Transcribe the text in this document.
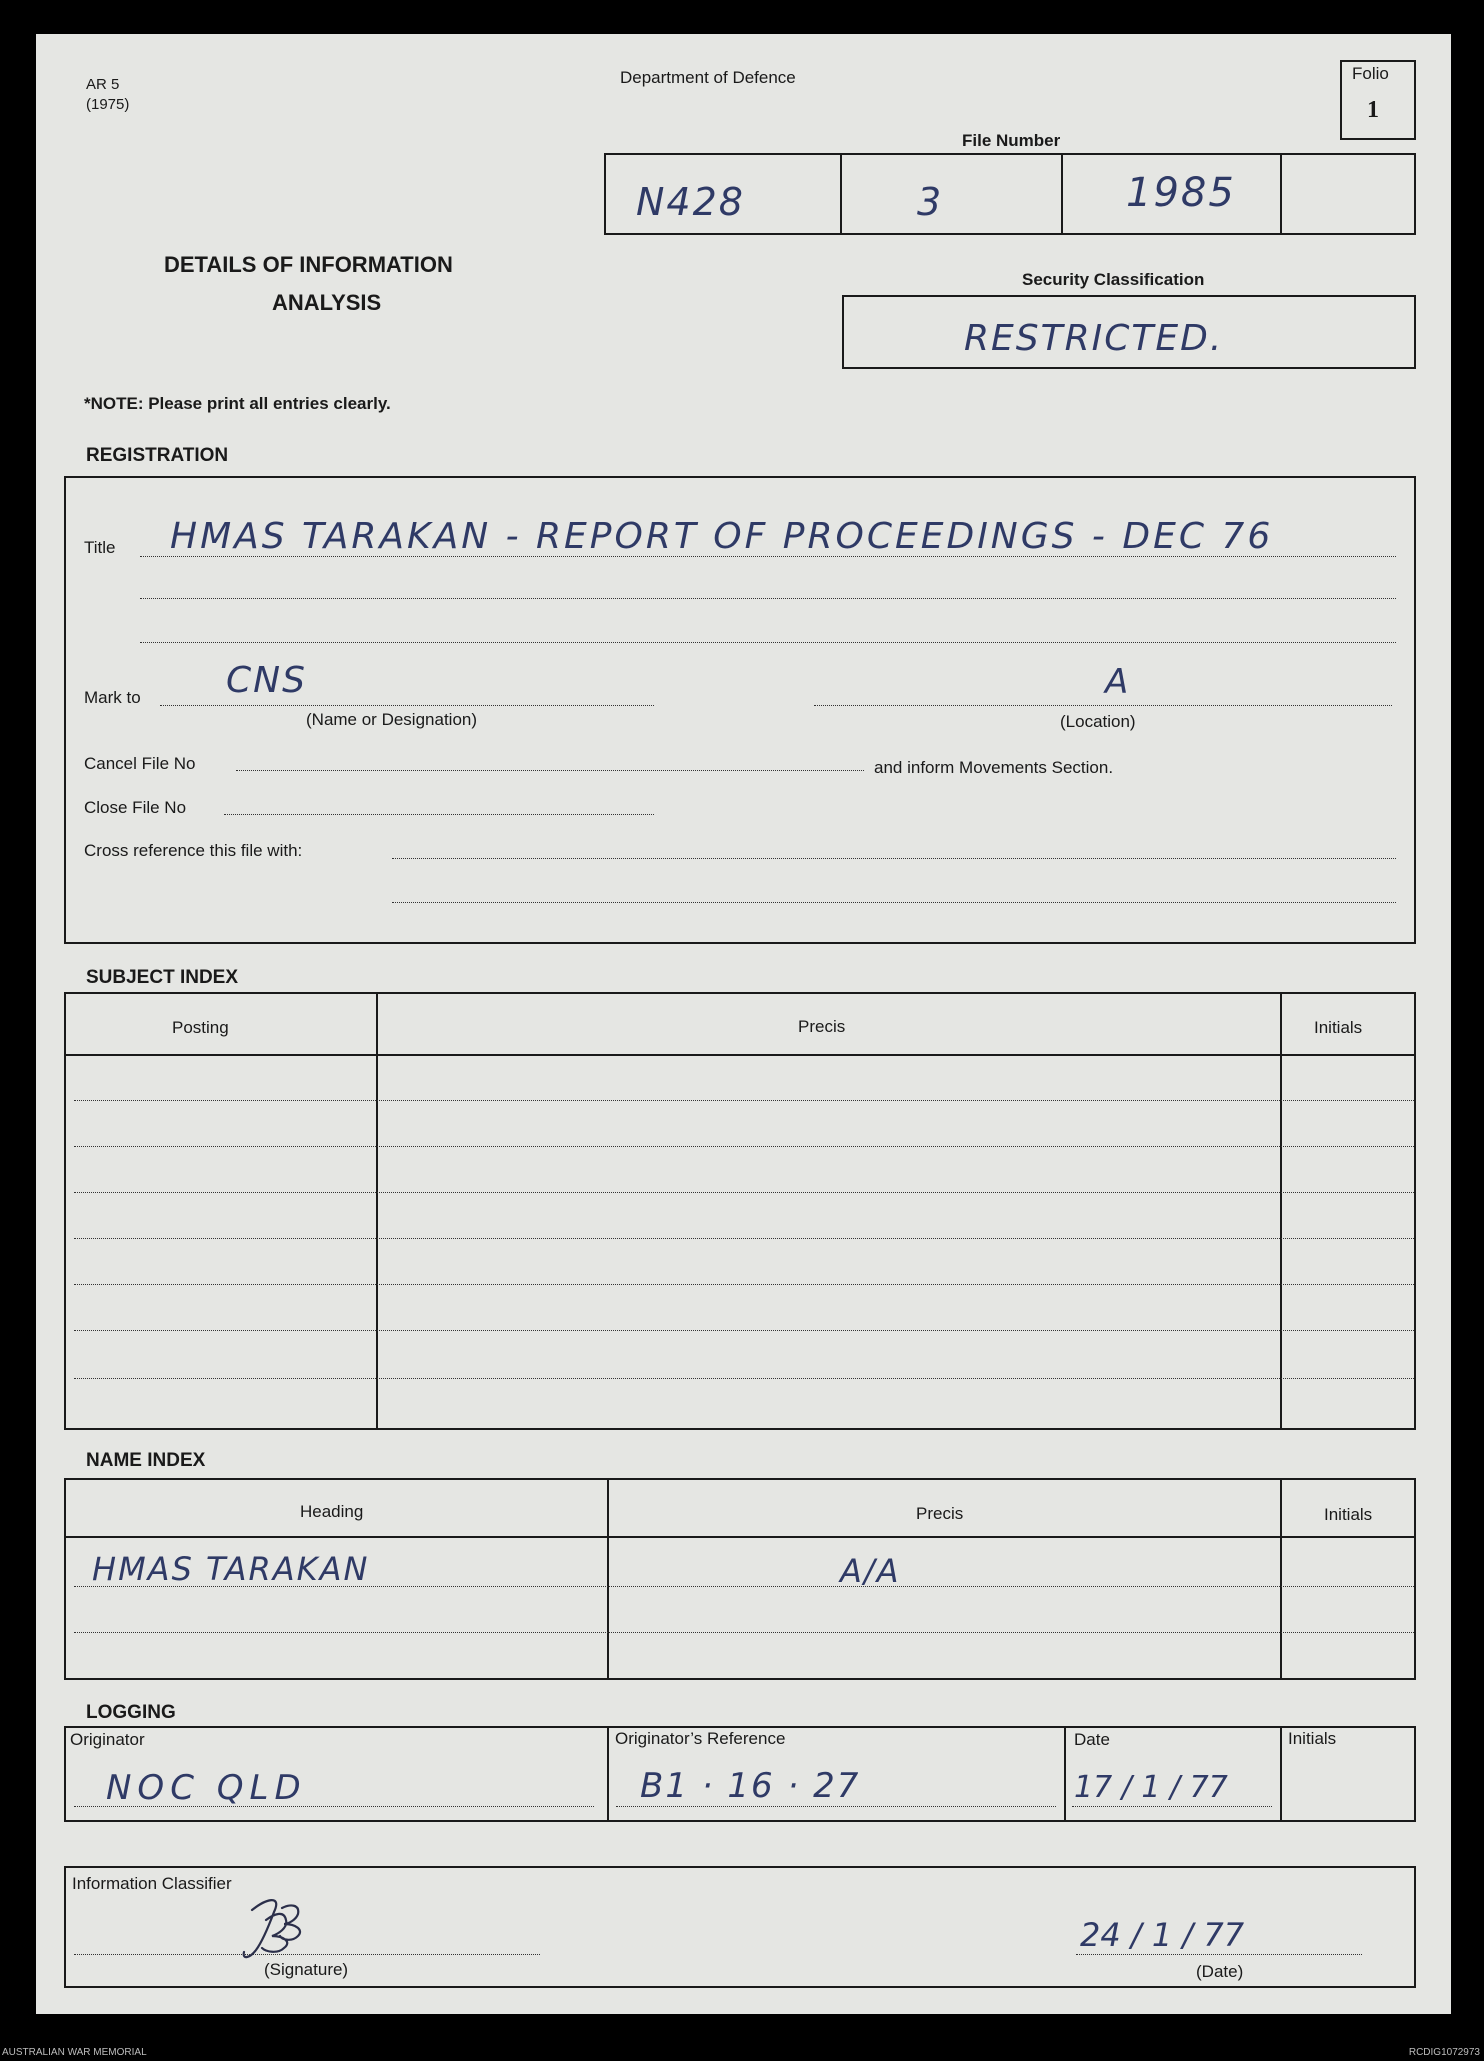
AR 5
(1975)
Department of Defence	Folio
1
File Number
N428	3	1985
DETAILS OF INFORMATION
ANALYSIS
Security Classification
RESTRICTED.
*NOTE: Please print all entries clearly.
REGISTRATION
Title HMAS TARAKAN - REPORT OF PROCEEDINGS - DEC 76
Mark to CNS
(Name or Designation)
A
(Location)
Cancel File No	and inform Movements Section.
Close File No
Cross reference this file with:
SUBJECT INDEX
Posting	Precis	Initials
NAME INDEX
Heading	Precis	Initials
HMAS TARAKAN	A/A
LOGGING
Originator	Originator’s Reference	Date	Initials
NOC QLD	B1 · 16 · 27	17 / 1 / 77
Information Classifier
(Signature)
24 / 1 / 77
(Date)
AUSTRALIAN WAR MEMORIAL	RCDIG1072973
